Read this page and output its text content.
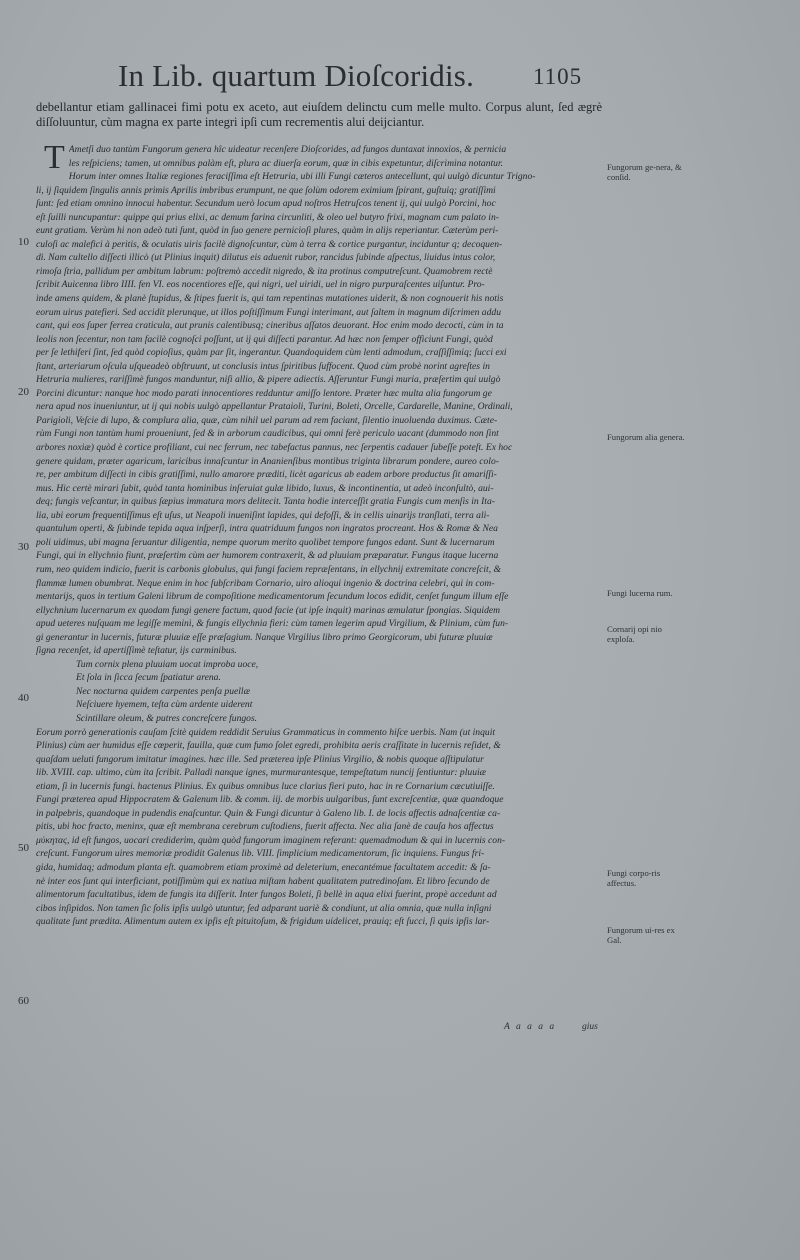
In Lib. quartum Dioſcoridis.	1105

debellantur etiam gallinacei fimi potu ex aceto, aut eiuſdem delinctu cum melle multo. Corpus alunt, ſed ægrè diſſoluuntur, cùm magna ex parte integri ipſi cum recrementis alui deijciantur.

T Ametſi duo tantùm Fungorum genera hîc uideatur recenſere Dioſcorides, ad fungos duntaxat innoxios, & pernicia
les reſpiciens; tamen, ut omnibus palàm eſt, plura ac diuerſa eorum, quæ in cibis expetuntur, diſcrimina notantur.
Horum inter omnes Italiæ regiones feraciſſima eſt Hetruria, ubi illi Fungi cæteros antecellunt, qui uulgò dicuntur Trigno-
li, ij ſiquidem ſingulis annis primis Aprilis imbribus erumpunt, ne que ſolùm odorem eximium ſpirant, guſtuiq; gratiſſimi
ſunt: ſed etiam omnino innocui habentur. Secundum uerò locum apud noſtros Hetruſcos tenent ij, qui uulgò Porcini, hoc
eſt ſuilli nuncupantur: quippe qui prius elixi, ac demum farina circunliti, & oleo uel butyro frixi, magnam cum palato in-
eunt gratiam. Verùm hi non adeò tuti ſunt, quòd in ſuo genere pernicioſi plures, quàm in alijs reperiantur. Cæterùm peri-
culoſi ac malefici à peritis, & oculatis uiris facilè dignoſcuntur, cùm à terra & cortice purgantur, inciduntur q; decoquen-
di. Nam cultello diſſecti illicò (ut Plinius inquit) dilutus eis aduenit rubor, rancidus ſubinde aſpectus, liuidus intus color,
rimoſa ſtria, pallidum per ambitum labrum: poſtremò accedit nigredo, & ita protinus computreſcunt. Quamobrem rectè
ſcribit Auicenna libro IIII. fen VI. eos nocentiores eſſe, qui nigri, uel uiridi, uel in nigro purpuraſcentes uiſuntur. Pro-
inde amens quidem, & planè ſtupidus, & ſtipes fuerit is, qui tam repentinas mutationes uiderit, & non cognouerit his notis
eorum uirus patefieri. Sed accidit plerunque, ut illos poſtiſſimum Fungi interimant, aut ſaltem in magnum diſcrimen addu
cant, qui eos ſuper ferrea craticula, aut prunis calentibusq; cineribus aſſatos deuorant. Hoc enim modo decocti, cùm in ta
leolis non ſecentur, non tam facilè cognoſci poſſunt, ut ij qui diſſecti parantur. Ad hæc non ſemper officiunt Fungi, quòd
per ſe lethiferi ſint, ſed quòd copioſius, quàm par ſit, ingerantur. Quandoquidem cùm lenti admodum, craſſiſſimiq; ſucci exi
ſtant, arteriarum oſcula uſqueadeò obſtruunt, ut conclusis intus ſpiritibus ſuffocent. Quod cùm probè norint agreſtes in
Hetruria mulieres, rariſſimè fungos manduntur, niſi allio, & pipere adiectis. Aſſeruntur Fungi muria, præſertim qui uulgò
Porcini dicuntur: nanque hoc modo parati innocentiores redduntur amiſſo lentore. Præter hæc multa alia fungorum ge
nera apud nos inueniuntur, ut ij qui nobis uulgò appellantur Prataioli, Turini, Boleti, Orcelle, Cardarelle, Manine, Ordinali,
Parigioli, Veſcie di lupo, & complura alia, quæ, cùm nihil uel parum ad rem faciant, ſilentio inuoluenda duximus. Cæte-
rùm Fungi non tantùm humi proueniunt, ſed & in arborum caudicibus, qui omni ferè periculo uacant (dummodo non ſint
arbores noxiæ) quòd è cortice profiliant, cui nec ferrum, nec tabefactus pannus, nec ſerpentis cadauer ſubeſſe poteſt. Ex hoc
genere quidam, præter agaricum, laricibus innaſcuntur in Ananienſibus montibus triginta librarum pondere, aureo colo-
re, per ambitum diſſecti in cibis gratiſſimi, nullo amarore præditi, licèt agaricus ab eadem arbore productus ſit amariſſi-
mus. Hic certè mirari ſubit, quòd tanta hominibus inſeruiat gulæ libido, luxus, & incontinentia, ut adeò inconſultò, aui-
deq; fungis veſcantur, in quibus ſæpius immatura mors delitecit. Tanta hodie interceſſit gratia Fungis cum menſis in Ita-
lia, ubi eorum frequentiſſimus eſt uſus, ut Neapoli inueniſint lapides, qui defoſſi, & in cellis uinarijs tranſlati, terra ali-
quantulum operti, & ſubinde tepida aqua inſperſi, intra quatriduum fungos non ingratos procreant. Hos & Romæ & Nea
poli uidimus, ubi magna ſeruantur diligentia, nempe quorum merito quolibet tempore fungos edant. Sunt & lucernarum
Fungi, qui in ellychnio fiunt, præſertim cùm aer humorem contraxerit, & ad pluuiam præparatur. Fungus itaque lucerna
rum, neo quidem indicio, fuerit is carbonis globulus, qui fungi faciem repræſentans, in ellychnij extremitate concreſcit, &
flammæ lumen obumbrat. Neque enim in hoc ſubſcribam Cornario, uiro alioqui ingenio & doctrina celebri, qui in com-
mentarijs, quos in tertium Galeni librum de compoſitione medicamentorum ſecundum locos edidit, cenſet fungum illum eſſe
ellychnium lucernarum ex quodam fungi genere factum, quod facie (ut ipſe inquit) marinas æmulatur ſpongias. Siquidem
apud ueteres nuſquam me legiſſe meminì, & fungis ellychnia fieri: cùm tamen legerim apud Virgilium, & Plinium, cùm fun-
gi generantur in lucernis, futuræ pluuiæ eſſe præſagium. Nanque Virgilius libro primo Georgicorum, ubi futuræ pluuiæ
ſigna recenſet, id apertiſſimè teſtatur, ijs carminibus.
Tum cornix plena pluuiam uocat improba uoce,
Et ſola in ſicca ſecum ſpatiatur arena.
Nec nocturna quidem carpentes penſa puellæ
Neſciuere hyemem, teſta cùm ardente uiderent
Scintillare oleum, & putres concreſcere fungos.
Eorum porrò generationis cauſam ſcitè quidem reddidit Seruius Grammaticus in commento hiſce uerbis. Nam (ut inquit
Plinius) cùm aer humidus eſſe cœperit, fauilla, quæ cum fumo ſolet egredi, prohibita aeris craſſitate in lucernis reſidet, &
quaſdam ueluti fungorum imitatur imagines. hæc ille. Sed præterea ipſe Plinius Virgilio, & nobis quoque aſſtipulatur
lib. XVIII. cap. ultimo, cùm ita ſcribit. Palladi nanque ignes, murmurantesque, tempeſtatum nuncij ſentiuntur: pluuiæ
etiam, ſi in lucernis fungi. hactenus Plinius. Ex quibus omnibus luce clarius fieri puto, hac in re Cornarium cæcutiuiſſe.
Fungi præterea apud Hippocratem & Galenum lib. & comm. iij. de morbis uulgaribus, ſunt excreſcentiæ, quæ quandoque
in palpebris, quandoque in pudendis enaſcuntur. Quin & Fungi dicuntur à Galeno lib. I. de locis affectis adnaſcentiæ ca-
pitis, ubi hoc fracto, meninx, quæ eſt membrana cerebrum cuſtodiens, fuerit affecta. Nec alia ſanè de cauſa hos affectus
μύκητας, id eſt fungos, uocari crediderim, quàm quòd fungorum imaginem referant: quemadmodum & qui in lucernis con-
creſcunt. Fungorum uires memoriæ prodidit Galenus lib. VIII. ſimplicium medicamentorum, ſic inquiens. Fungus fri-
gida, humidaq; admodum planta eſt. quamobrem etiam proximè ad deleterium, enecantémue facultatem accedit: & ſa-
nè inter eos ſunt qui interficiant, potiſſimùm qui ex natiua miſtam habent qualitatem putredinoſam. Et libro ſecundo de
alimentorum facultatibus, idem de fungis ita diſſerit. Inter fungos Boleti, ſi bellè in aqua elixi fuerint, propè accedunt ad
cibos inſipidos. Non tamen ſic ſolis ipſis uulgò utuntur, ſed adparant uariè & condiunt, ut alia omnia, quæ nulla inſigni
qualitate ſunt prædita. Alimentum autem ex ipſis eſt pituitoſum, & frigidum uidelicet, prauiq; eſt ſucci, ſi quis ipſis lar-
10
20
30
40
50
60
Fungorum ge-nera, & conſid.
Fungorum alia genera.
Fungi lucerna rum.
Cornarij opi nio exploſa.
Fungi corpo-ris affectus.
Fungorum ui-res ex Gal.
A a a a a	gius
